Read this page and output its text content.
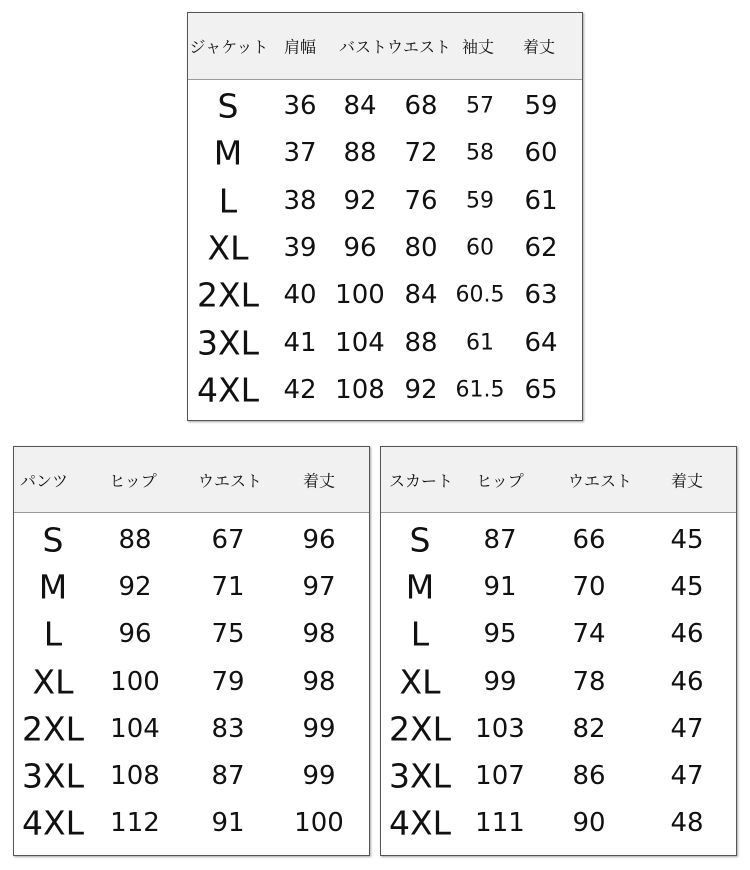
ジャケット 肩幅 バストウエスト 袖丈 着丈
S 36 84 68 57 59
M 37 88 72 58 60
L 38 92 76 59 61
XL 39 96 80 60 62
2XL 40 100 84 60.5 63
3XL 41 104 88 61 64
4XL 42 108 92 61.5 65
パンツ	ヒップ	ウエスト	着丈
S 88 67 96
M 92 71 97
L 96 75 98
XL 100 79 98
2XL 104 83 99
3XL 108 87 99
4XL 112 91 100
スカート ヒップ	ウエスト 着丈
S 87 66 45
M 91 70 45
L 95 74 46
XL 99 78 46
2XL 103 82 47
3XL 107 86 47
4XL 111 90 48
